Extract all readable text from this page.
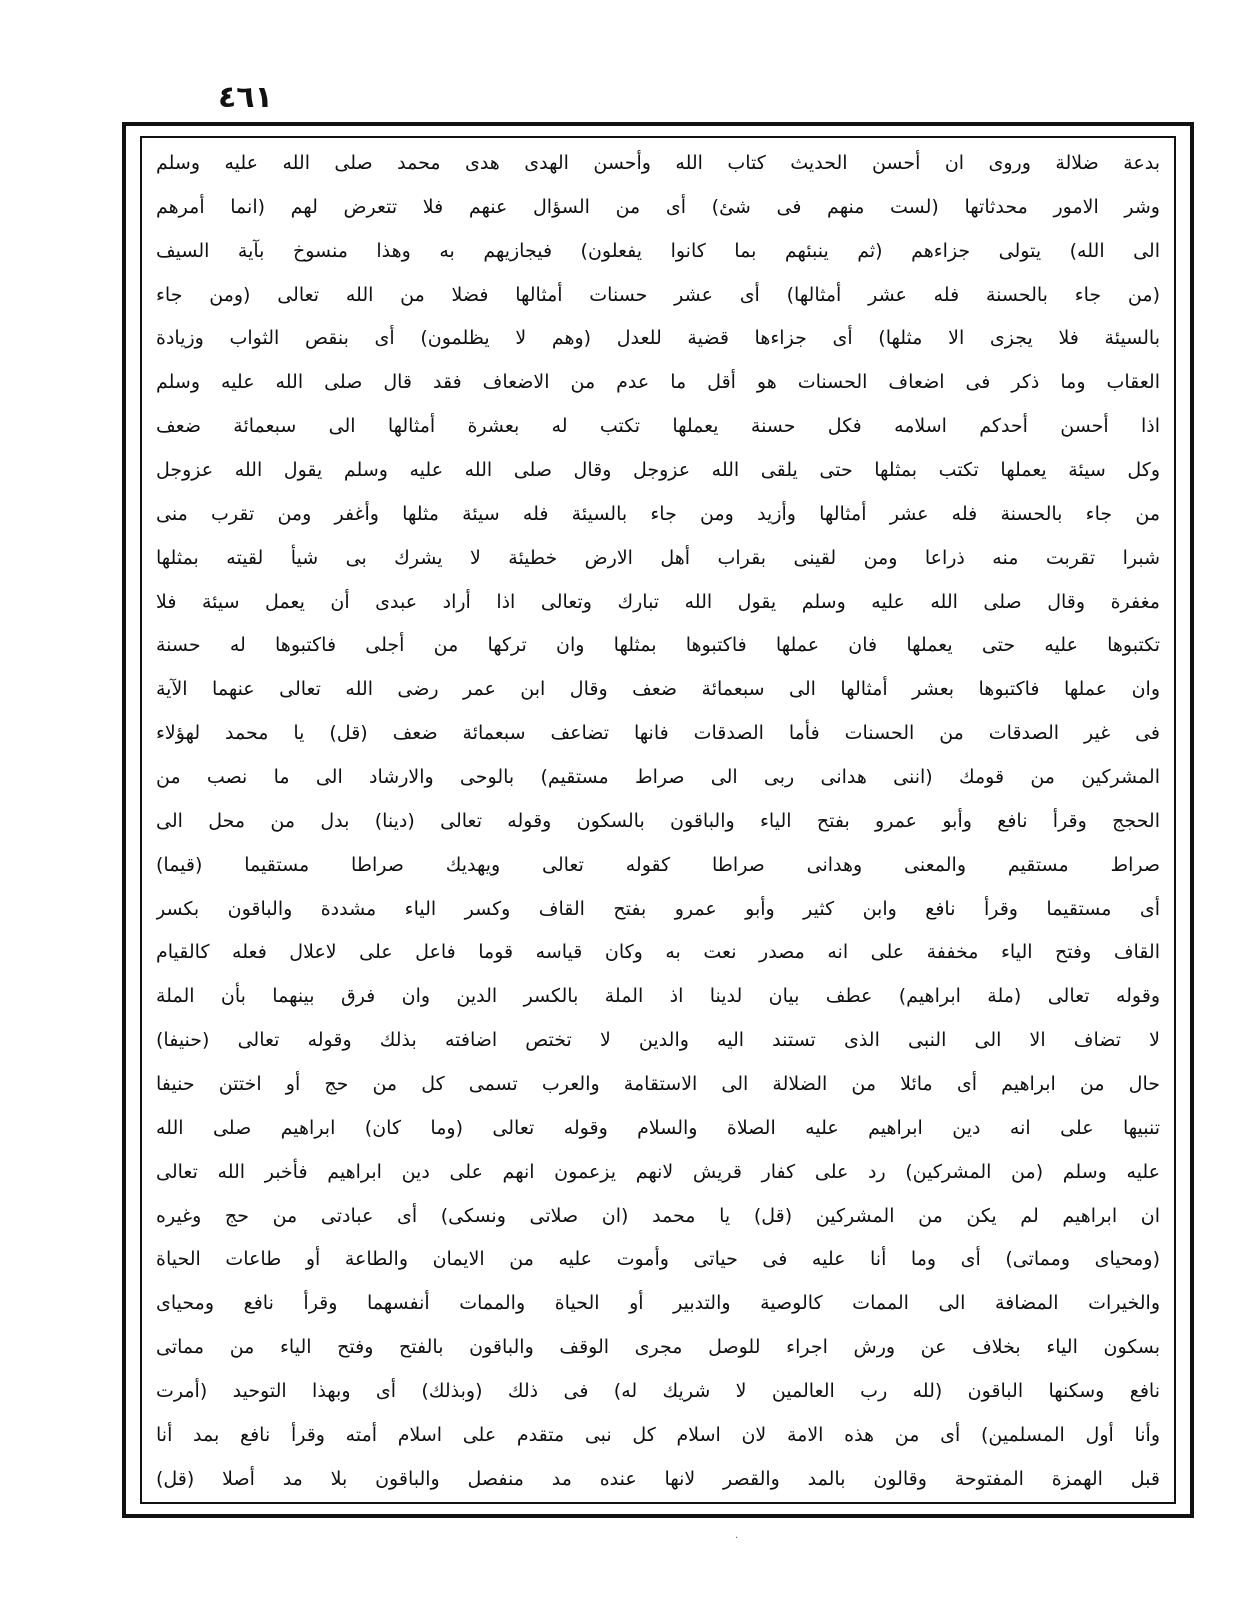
٤٦١
بدعة ضلالة وروى ان أحسن الحديث كتاب الله وأحسن الهدى هدى محمد صلى الله عليه وسلم
وشر الامور محدثاتها (لست منهم فى شئ) أى من السؤال عنهم فلا تتعرض لهم (انما أمرهم
الى الله) يتولى جزاءهم (ثم ينبئهم بما كانوا يفعلون) فيجازيهم به وهذا منسوخ بآية السيف
(من جاء بالحسنة فله عشر أمثالها) أى عشر حسنات أمثالها فضلا من الله تعالى (ومن جاء
بالسيئة فلا يجزى الا مثلها) أى جزاءها قضية للعدل (وهم لا يظلمون) أى بنقص الثواب وزيادة
العقاب وما ذكر فى اضعاف الحسنات هو أقل ما عدم من الاضعاف فقد قال صلى الله عليه وسلم
اذا أحسن أحدكم اسلامه فكل حسنة يعملها تكتب له بعشرة أمثالها الى سبعمائة ضعف
وكل سيئة يعملها تكتب بمثلها حتى يلقى الله عزوجل وقال صلى الله عليه وسلم يقول الله عزوجل
من جاء بالحسنة فله عشر أمثالها وأزيد ومن جاء بالسيئة فله سيئة مثلها وأغفر ومن تقرب منى
شبرا تقربت منه ذراعا ومن لقينى بقراب أهل الارض خطيئة لا يشرك بى شيأ لقيته بمثلها
مغفرة وقال صلى الله عليه وسلم يقول الله تبارك وتعالى اذا أراد عبدى أن يعمل سيئة فلا
تكتبوها عليه حتى يعملها فان عملها فاكتبوها بمثلها وان تركها من أجلى فاكتبوها له حسنة
وان عملها فاكتبوها بعشر أمثالها الى سبعمائة ضعف وقال ابن عمر رضى الله تعالى عنهما الآية
فى غير الصدقات من الحسنات فأما الصدقات فانها تضاعف سبعمائة ضعف (قل) يا محمد لهؤلاء
المشركين من قومك (اننى هدانى ربى الى صراط مستقيم) بالوحى والارشاد الى ما نصب من
الحجج وقرأ نافع وأبو عمرو بفتح الياء والباقون بالسكون وقوله تعالى (دينا) بدل من محل الى
صراط مستقيم والمعنى وهدانى صراطا كقوله تعالى ويهديك صراطا مستقيما (قيما)
أى مستقيما وقرأ نافع وابن كثير وأبو عمرو بفتح القاف وكسر الياء مشددة والباقون بكسر
القاف وفتح الياء مخففة على انه مصدر نعت به وكان قياسه قوما فاعل على لاعلال فعله كالقيام
وقوله تعالى (ملة ابراهيم) عطف بيان لدينا اذ الملة بالكسر الدين وان فرق بينهما بأن الملة
لا تضاف الا الى النبى الذى تستند اليه والدين لا تختص اضافته بذلك وقوله تعالى (حنيفا)
حال من ابراهيم أى مائلا من الضلالة الى الاستقامة والعرب تسمى كل من حج أو اختتن حنيفا
تنبيها على انه دين ابراهيم عليه الصلاة والسلام وقوله تعالى (وما كان) ابراهيم صلى الله
عليه وسلم (من المشركين) رد على كفار قريش لانهم يزعمون انهم على دين ابراهيم فأخبر الله تعالى
ان ابراهيم لم يكن من المشركين (قل) يا محمد (ان صلاتى ونسكى) أى عبادتى من حج وغيره
(ومحياى ومماتى) أى وما أنا عليه فى حياتى وأموت عليه من الايمان والطاعة أو طاعات الحياة
والخيرات المضافة الى الممات كالوصية والتدبير أو الحياة والممات أنفسهما وقرأ نافع ومحياى
بسكون الياء بخلاف عن ورش اجراء للوصل مجرى الوقف والباقون بالفتح وفتح الياء من مماتى
نافع وسكنها الباقون (لله رب العالمين لا شريك له) فى ذلك (وبذلك) أى وبهذا التوحيد (أمرت
وأنا أول المسلمين) أى من هذه الامة لان اسلام كل نبى متقدم على اسلام أمته وقرأ نافع بمد أنا
قبل الهمزة المفتوحة وقالون بالمد والقصر لانها عنده مد منفصل والباقون بلا مد أصلا (قل)
·
